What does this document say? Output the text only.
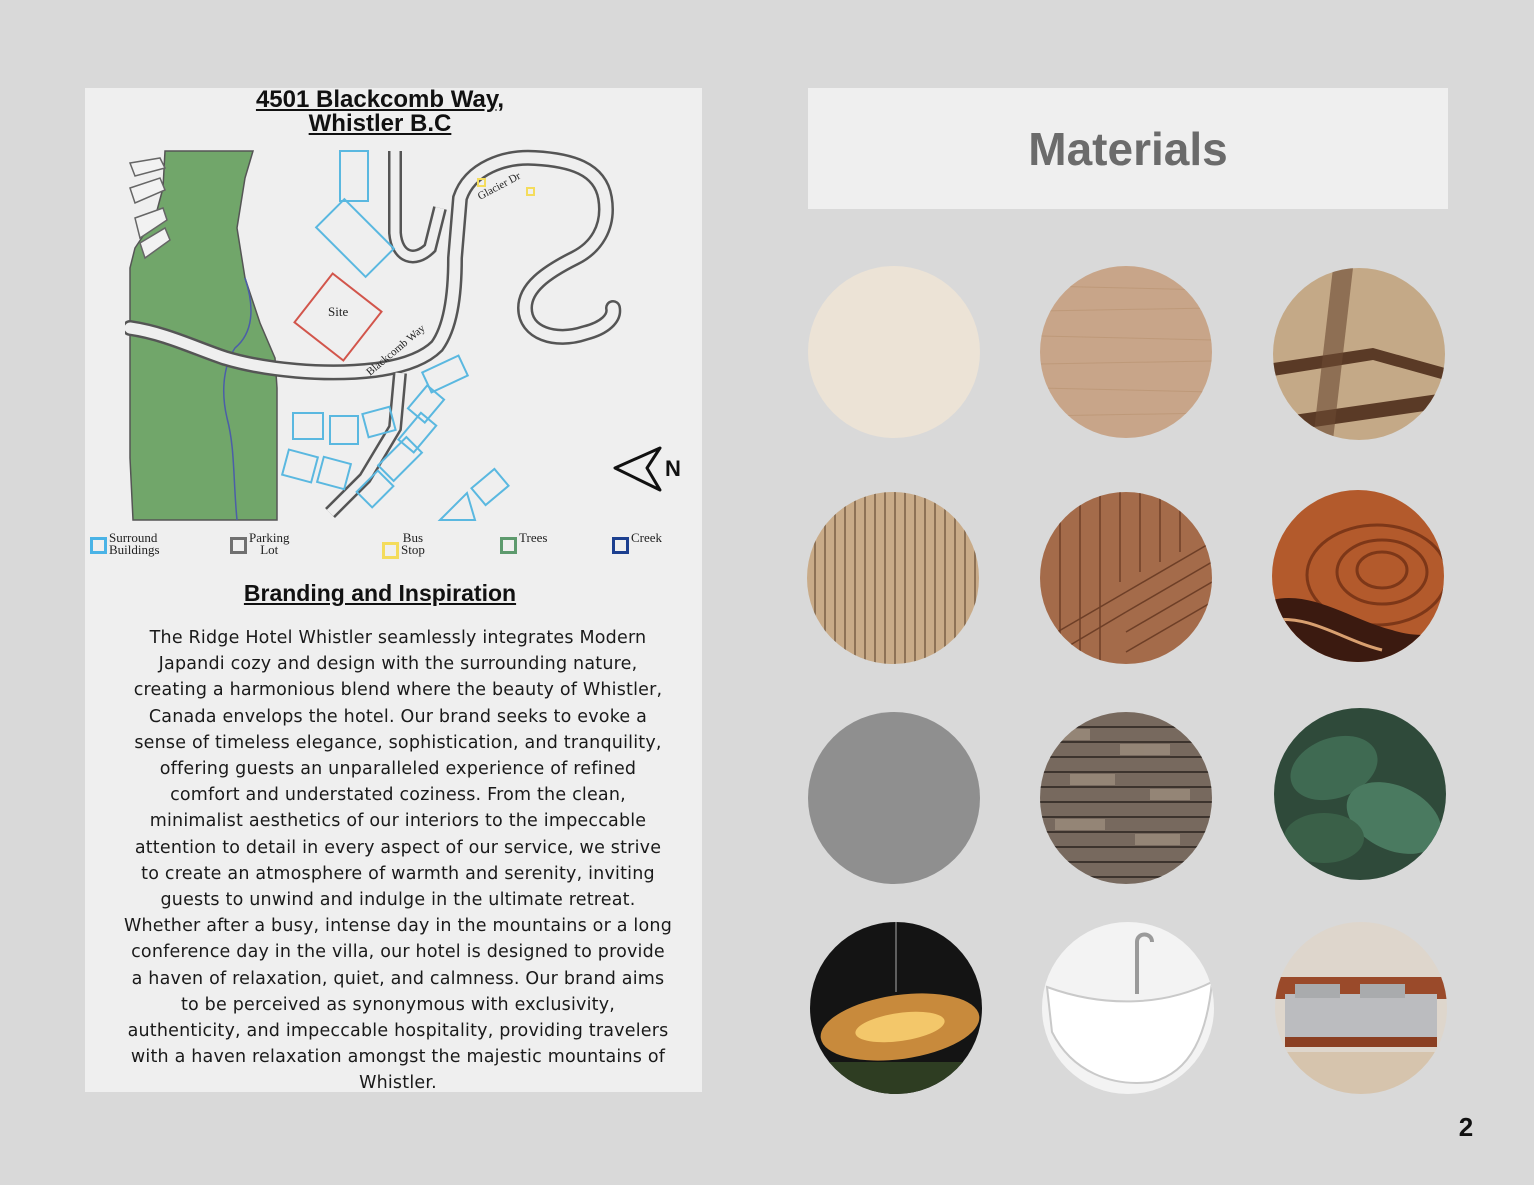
4501 Blackcomb Way,
Whistler B.C
Site
Blackcomb Way
Glacier Dr
N
Surround
Buildings
Parking
Lot
Bus
Stop
Trees	Creek
Branding and Inspiration
The Ridge Hotel Whistler seamlessly integrates Modern
Japandi cozy and design with the surrounding nature,
creating a harmonious blend where the beauty of Whistler,
Canada envelops the hotel. Our brand seeks to evoke a
sense of timeless elegance, sophistication, and tranquility,
offering guests an unparalleled experience of refined
comfort and understated coziness. From the clean,
minimalist aesthetics of our interiors to the impeccable
attention to detail in every aspect of our service, we strive
to create an atmosphere of warmth and serenity, inviting
guests to unwind and indulge in the ultimate retreat.
Whether after a busy, intense day in the mountains or a long
conference day in the villa, our hotel is designed to provide
a haven of relaxation, quiet, and calmness. Our brand aims
to be perceived as synonymous with exclusivity,
authenticity, and impeccable hospitality, providing travelers
with a haven relaxation amongst the majestic mountains of
Whistler.
Materials
2
